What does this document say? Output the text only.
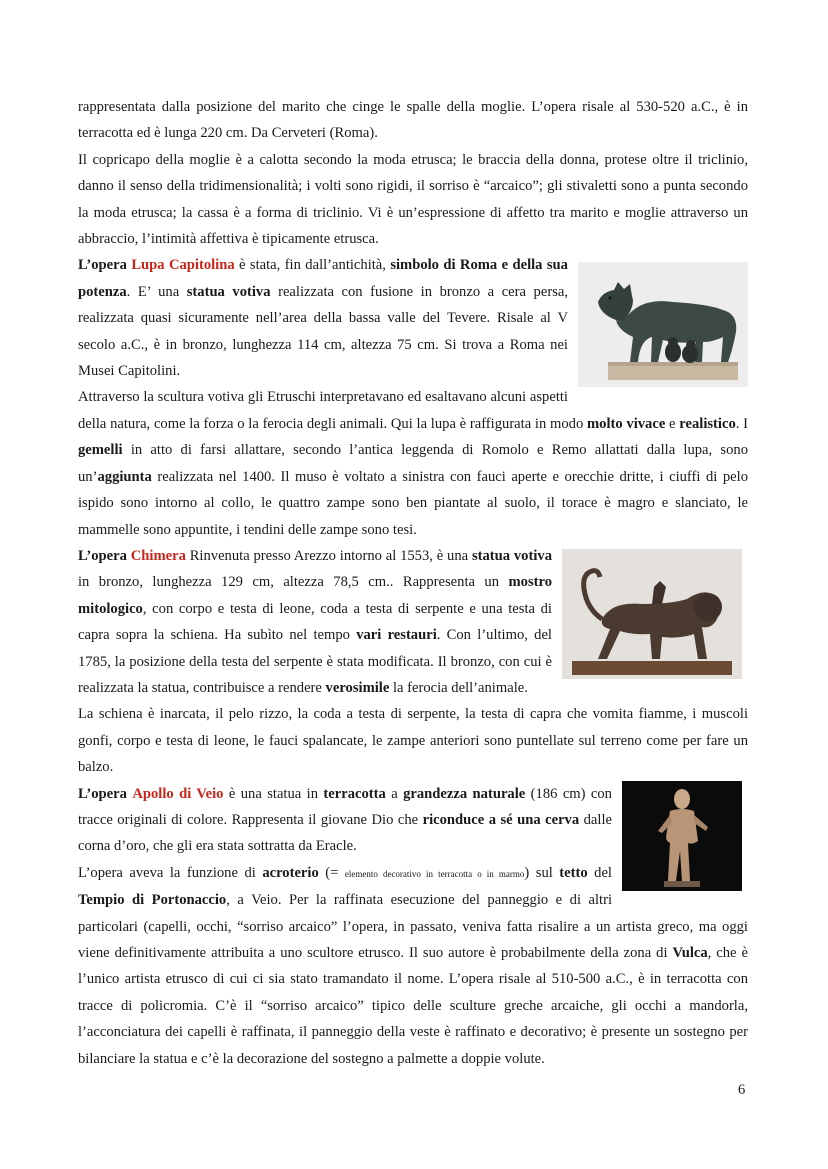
rappresentata dalla posizione del marito che cinge le spalle della moglie. L’opera risale al 530-520 a.C., è in terracotta ed è lunga 220 cm. Da Cerveteri (Roma).

Il copricapo della moglie è a calotta secondo la moda etrusca; le braccia della donna, protese oltre il triclinio, danno il senso della tridimensionalità; i volti sono rigidi, il sorriso è “arcaico”; gli stivaletti sono a punta secondo la moda etrusca; la cassa è a forma di triclinio. Vi è un’espressione di affetto tra marito e moglie attraverso un abbraccio, l’intimità affettiva è tipicamente etrusca.

L’opera Lupa Capitolina è stata, fin dall’antichità, simbolo di Roma e della sua potenza. E’ una statua votiva realizzata con fusione in bronzo a cera persa, realizzata quasi sicuramente nell’area della bassa valle del Tevere. Risale al V secolo a.C., è in bronzo, lunghezza 114 cm, altezza 75 cm. Si trova a Roma nei Musei Capitolini.

Attraverso la scultura votiva gli Etruschi interpretavano ed esaltavano alcuni aspetti della natura, come la forza o la ferocia degli animali. Qui la lupa è raffigurata in modo molto vivace e realistico. I gemelli in atto di farsi allattare, secondo l’antica leggenda di Romolo e Remo allattati dalla lupa, sono un’aggiunta realizzata nel 1400. Il muso è voltato a sinistra con fauci aperte e orecchie dritte, i ciuffi di pelo ispido sono intorno al collo, le quattro zampe sono ben piantate al suolo, il torace è magro e slanciato, le mammelle sono appuntite, i tendini delle zampe sono tesi.

L’opera Chimera Rinvenuta presso Arezzo intorno al 1553, è una statua votiva in bronzo, lunghezza 129 cm, altezza 78,5 cm.. Rappresenta un mostro mitologico, con corpo e testa di leone, coda a testa di serpente e una testa di capra sopra la schiena. Ha subìto nel tempo vari restauri. Con l’ultimo, del 1785, la posizione della testa del serpente è stata modificata. Il bronzo, con cui è realizzata la statua, contribuisce a rendere verosimile la ferocia dell’animale.

La schiena è inarcata, il pelo rizzo, la coda a testa di serpente, la testa di capra che vomita fiamme, i muscoli gonfi, corpo e testa di leone, le fauci spalancate, le zampe anteriori sono puntellate sul terreno come per fare un balzo.

L’opera Apollo di Veio è una statua in terracotta a grandezza naturale (186 cm) con tracce originali di colore. Rappresenta il giovane Dio che riconduce a sé una cerva dalle corna d’oro, che gli era stata sottratta da Eracle.

L’opera aveva la funzione di acroterio (= elemento decorativo in terracotta o in marmo) sul tetto del Tempio di Portonaccio, a Veio. Per la raffinata esecuzione del panneggio e di altri particolari (capelli, occhi, “sorriso arcaico” l’opera, in passato, veniva fatta risalire a un artista greco, ma oggi viene definitivamente attribuita a uno scultore etrusco. Il suo autore è probabilmente della zona di Vulca, che è l’unico artista etrusco di cui ci sia stato tramandato il nome. L’opera risale al 510-500 a.C., è in terracotta con tracce di policromia. C’è il “sorriso arcaico” tipico delle sculture greche arcaiche, gli occhi a mandorla, l’acconciatura dei capelli è raffinata, il panneggio della veste è raffinato e decorativo; è presente un sostegno per bilanciare la statua e c’è la decorazione del sostegno a palmette a doppie volute.

6
